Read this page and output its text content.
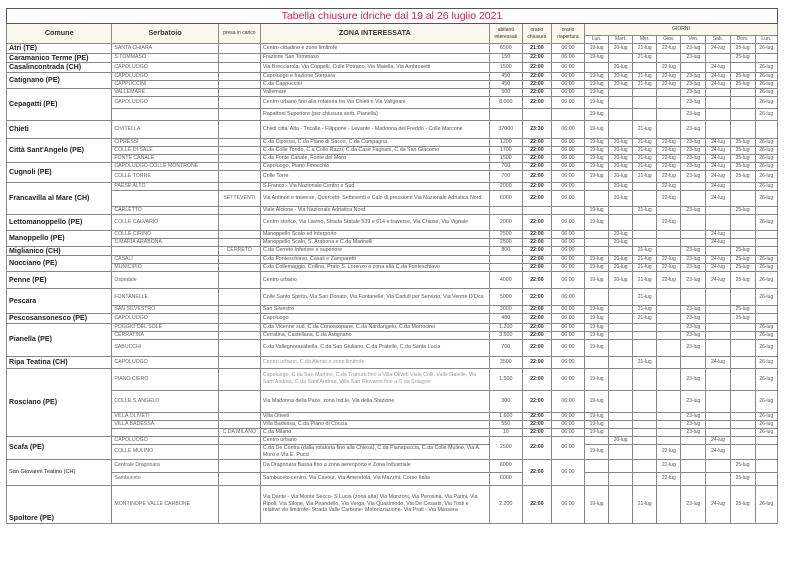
Tabella chiusure idriche dal 19 al 26 luglio 2021														
Comune	Serbatoio	presa in carico	ZONA INTERESSATA	abitanti interessati	orario chiusura	orario riapertura	GIORNI							
							Lun.	Mart.	Mer.	Giov.	Ven.	Sab.	Dom.	Lun.
Atri (TE)	SANTA CHIARA		Centro cittadino e zone limitrofe	6500	21:00	06:00	19-lug	20-lug	21-lug	22-lug	23-lug	24-lug	25-lug	26-lug
Caramanico Terme (PE)	S.TOMMASO		Frazione San Tommaso	150	22:00	06:00	19-lug		21-lug		23-lug		25-lug	
Casalincontrada (CH)	CAPOLUOGO		Via Brecciarola, Via Coppelli, Colle Potrano, Via Maiella, Via Ambrosetti	1500	22:00	06:00		20-lug		22-lug		24-lug		26-lug
Catignano (PE)	CAPOLUOGO		Capoluogo e frazione Sterpara	450	22:00	06:00	19-lug	20-lug	21-lug	22-lug	23-lug	24-lug	25-lug	26-lug
	CAPPUCCINI		C.da Cappuccini	450	22:00	06:00	19-lug	20-lug	21-lug	22-lug	23-lug	24-lug	25-lug	26-lug
Cepagatti (PE)	VALLEMARE		Vallemare	500	22:00	06:00	19-lug				23-lug			26-lug
	CAPOLUOGO		Centro urbano fino alla rotatoria tra Via Chieti e Via Valignani	8.000	22:00	06:00	19-lug				23-lug			26-lug
			Rapattoni Superiore (per chiusura serb. Pianella)				19-lug				23-lug			26-lug
Chieti	CIVITELLA		Chieti citta' Alta - Tricalle - Filippone - Levante - Madonna del Freddo - Colle Marcone	37000	23:30	06:00	19-lug		21-lug		23-lug			
Città Sant'Angelo (PE)	CIPRESSI		C.da Cipressi, C.da Piano di Sacco, C.da Campagna	1200	22:00	06:00	19-lug	20-lug	21-lug	22-lug	23-lug	24-lug	25-lug	26-lug
	COLLE DI SALE		C.da Colle Tondo, C.a Colle Razzi, C.da Case Fagnani, C.da San Giacomo	1700	22:00	06:00	19-lug	20-lug	21-lug	22-lug	23-lug	24-lug	25-lug	26-lug
	FONTE CANALE		C.da Fonte Canale, Fonte del Moro	1500	22:00	06:00	19-lug	20-lug	21-lug	22-lug	23-lug	24-lug	25-lug	26-lug
Cugnoli (PE)	CAPOLUOGO-COLLE MONTRONE		Capoluogo, Piano Finocchio	700	22:00	06:00	19-lug	20-lug	21-lug	22-lug	23-lug	24-lug	25-lug	26-lug
	COLLE TORRE		Colle Torre	700	22:00	06:00	19-lug	20-lug	21-lug	22-lug	23-lug	24-lug	25-lug	26-lug
Francavilla al Mare (CH)	PAESE ALTO		S.Franco - Via Nazionale Centro e Sud	2000	22:00	06:00		20-lug		22-lug		24-lug		26-lug
		SETTEVENTI	Via Antinori e traverse, Quercetti- Setteventi e Calo di pressione Via Nazionale Adriatica Nord	6000	22:00	06:00		20-lug		22-lug		24-lug		26-lug
	CARLETTO		Viale Alcione - Via Nazionale Adriatica Nord				19-lug		21-lug		23-lug		25-lug	
Lettomanoppello (PE)	COLLE CALVARIO		Centro storico, Via Lavino, Strada Statale 539 e 614 e traverse, Via Chiuse, Via Vignale	2000	22:00	06:00	19-lug			22-lug				26-lug
Manoppello (PE)	COLLE CIRINO		Manoppello Scalo ed Interporto	2500	22:00	06:00		20-lug				24-lug		
	S.MARIA ARABONA		Manoppello Scalo, S. Arabona e C.da Marinelli	2500	22:00	06:00		20-lug				24-lug		
Miglianico (CH)		CERRETO	C.da Cerreto Inferiore e superiore	800	22:00	06:00			21-lug		23-lug		25-lug	
Nocciano (PE)	CASALI		C.da Fonteschiavo, Casali e Zamparetti		22:00	06:00	19-lug	20-lug	21-lug	22-lug	23-lug	24-lug	25-lug	26-lug
	MUNICIPIO		C.da Collemaggio, Collina, Prato S. Lorenzo e zona alta C.da Fonteschiavo		22:00	06:00	19-lug	20-lug	21-lug	22-lug	23-lug	24-lug	25-lug	26-lug
Penne (PE)	Ospedale		Centro urbano	4000	22:00	06:00	19-lug	20-lug	21-lug	22-lug	23-lug	24-lug	25-lug	26-lug
Pescara	FONTANELLE		Colle Santo Spirito, Via San Donato, Via Fontanelle, Via Caduti per Servizio, Via Ventre D'Oca	5000	22:00	06:00			21-lug					26-lug
	SAN SILVESTRO		San Silvestro	3000	22:00	06:00	19-lug		21-lug		23-lug		25-lug	
Pescosansonesco (PE)	CAPOLUOGO		Capoluogo	480	22:00	06:00	19-lug		21-lug		23-lug		25-lug	
Pianella (PE)	POGGIO DEL SOLE		C.da Vicenne sud, C.da Conoscopane, C.da Nardangelo, C.da Morrocino	1.200	22:00	06:00	19-lug				23-lug			26-lug
	CERRATINA		Cerratina, Castellana, C.da Astignano	3.500	22:00	06:00	19-lug				23-lug			26-lug
	SABUCCHI		C.da Vallegnorasabella, C.da San Giuliano, C.da Pratelle, C.da Santa Lucia	700	22:00	06:00	19-lug				23-lug			26-lug
Ripa Teatina (CH)	CAPOLUOGO		Centro urbano, C.da Alento e zone limitrofe	3500	22:00	06:00			21-lug			24-lug		26-lug
Rosciano (PE)	PIANO CIERO		Capoluogo, C.da San Martino, C.da Tratturo fino a Villa Oliveti Viale Colli, Valle Galelle, Via Sant'Andrea, C.da Sant'Andrea, Villa San Giovanni fino a C.da Solagne	1.500	22:00	06:00	19-lug				23-lug			26-lug
	COLLE S.ANGELO		Via Madonna della Pace, zona Ind.le, Via della Stazione	300	22:00	06:00	19-lug				23-lug			26-lug
	VILLA OLIVETI		Villa Oliveti	1.600	22:00	06:00	19-lug				23-lug			26-lug
	VILLA BADESSA		Villa Badessa, C.da Piano di Coccia	550	22:00	06:00	19-lug				23-lug			26-lug
		C.DA MILANO	C.da Milano	10	22:00	06:00	19-lug				23-lug			26-lug
Scafa (PE)	CAPOLUOGO		Centro urbano	2500	22:00	06:00		20-lug				24-lug		
	COLLE MULINO		C.da De Contra (dalla rotatoria fino alla Chiesa), C.da Pianapuccia, C.da Colle Mulino, Via A. Moro e Via E. Pucci				19-lug			22-lug		24-lug		
San Giovanni Teatino (CH)	Centrale Dragonara		Da Dragonara Bassa fino a zona aereoporto e Zona Industriale	6000	22:00	06:00				22-lug			25-lug	
	Sambuceto		Sambuceto centro, Via Cavour, Via Amendola, Via Mazzini, Corso Italia	6000						22-lug			25-lug	
Spoltore (PE)	MONTINOPE VALLE CARBONE		Via Dante - Via Monte Secco- S.Lucia (zona alta) Via Manzoni, Via Perosina, Via Parini, Via Ripoli, Via Silone, Via Pirandello, Via Verga, Via Quasimodo, Via De Cesaris, Via Tosti e relative vie limitrofe- Strada Valle Carbone- Motorizzazione- Via Prati - Via Massera	2.200	22:00	06:00	19-lug		21-lug		23-lug	24-lug	25-lug	26-lug
